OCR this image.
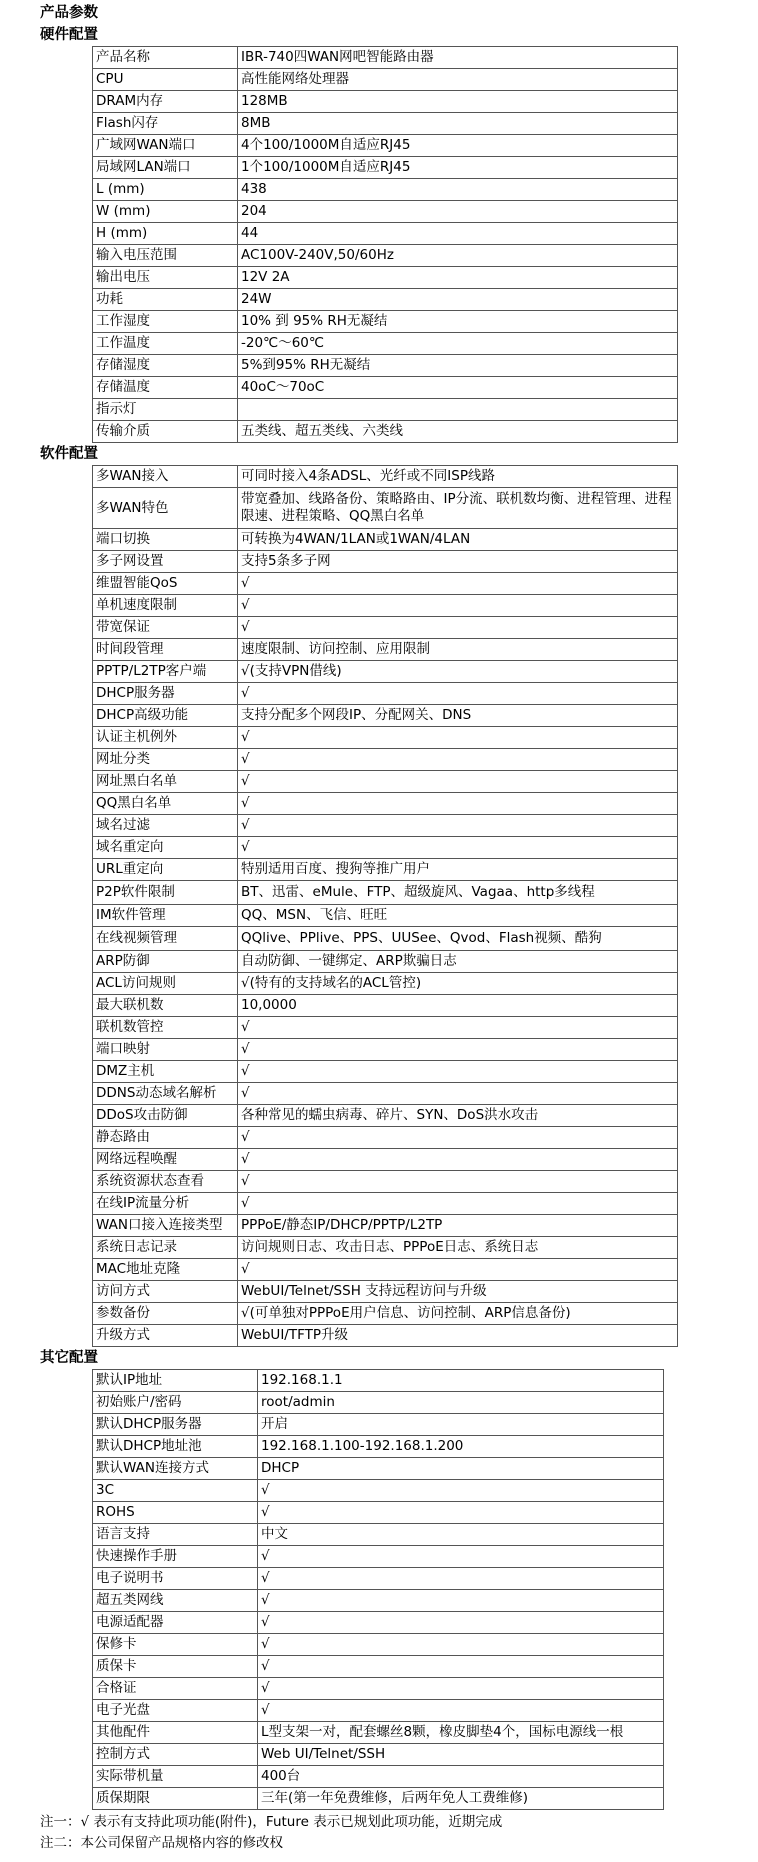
产品参数
硬件配置
产品名称	IBR-740四WAN网吧智能路由器
CPU	高性能网络处理器
DRAM内存	128MB
Flash闪存	8MB
广域网WAN端口	4个100/1000M自适应RJ45
局域网LAN端口	1个100/1000M自适应RJ45
L (mm)	438
W (mm)	204
H (mm)	44
输入电压范围	AC100V-240V,50/60Hz
输出电压	12V 2A
功耗	24W
工作湿度	10% 到 95% RH无凝结
工作温度	-20℃～60℃
存储湿度	5%到95% RH无凝结
存储温度	40oC～70oC
指示灯	
传输介质	五类线、超五类线、六类线
软件配置
多WAN接入	可同时接入4条ADSL、光纤或不同ISP线路
多WAN特色	带宽叠加、线路备份、策略路由、IP分流、联机数均衡、进程管理、进程限速、进程策略、QQ黑白名单
端口切换	可转换为4WAN/1LAN或1WAN/4LAN
多子网设置	支持5条多子网
维盟智能QoS	√
单机速度限制	√
带宽保证	√
时间段管理	速度限制、访问控制、应用限制
PPTP/L2TP客户端	√(支持VPN借线)
DHCP服务器	√
DHCP高级功能	支持分配多个网段IP、分配网关、DNS
认证主机例外	√
网址分类	√
网址黑白名单	√
QQ黑白名单	√
域名过滤	√
域名重定向	√
URL重定向	特别适用百度、搜狗等推广用户
P2P软件限制	BT、迅雷、eMule、FTP、超级旋风、Vagaa、http多线程
IM软件管理	QQ、MSN、飞信、旺旺
在线视频管理	QQlive、PPlive、PPS、UUSee、Qvod、Flash视频、酷狗
ARP防御	自动防御、一键绑定、ARP欺骗日志
ACL访问规则	√(特有的支持域名的ACL管控)
最大联机数	10,0000
联机数管控	√
端口映射	√
DMZ主机	√
DDNS动态域名解析	√
DDoS攻击防御	各种常见的蠕虫病毒、碎片、SYN、DoS洪水攻击
静态路由	√
网络远程唤醒	√
系统资源状态查看	√
在线IP流量分析	√
WAN口接入连接类型	PPPoE/静态IP/DHCP/PPTP/L2TP
系统日志记录	访问规则日志、攻击日志、PPPoE日志、系统日志
MAC地址克隆	√
访问方式	WebUI/Telnet/SSH 支持远程访问与升级
参数备份	√(可单独对PPPoE用户信息、访问控制、ARP信息备份)
升级方式	WebUI/TFTP升级
其它配置
默认IP地址	192.168.1.1
初始账户/密码	root/admin
默认DHCP服务器	开启
默认DHCP地址池	192.168.1.100-192.168.1.200
默认WAN连接方式	DHCP
3C	√
ROHS	√
语言支持	中文
快速操作手册	√
电子说明书	√
超五类网线	√
电源适配器	√
保修卡	√
质保卡	√
合格证	√
电子光盘	√
其他配件	L型支架一对，配套螺丝8颗，橡皮脚垫4个，国标电源线一根
控制方式	Web UI/Telnet/SSH
实际带机量	400台
质保期限	三年(第一年免费维修，后两年免人工费维修)
注一：√ 表示有支持此项功能(附件)，Future 表示已规划此项功能，近期完成
注二：本公司保留产品规格内容的修改权
